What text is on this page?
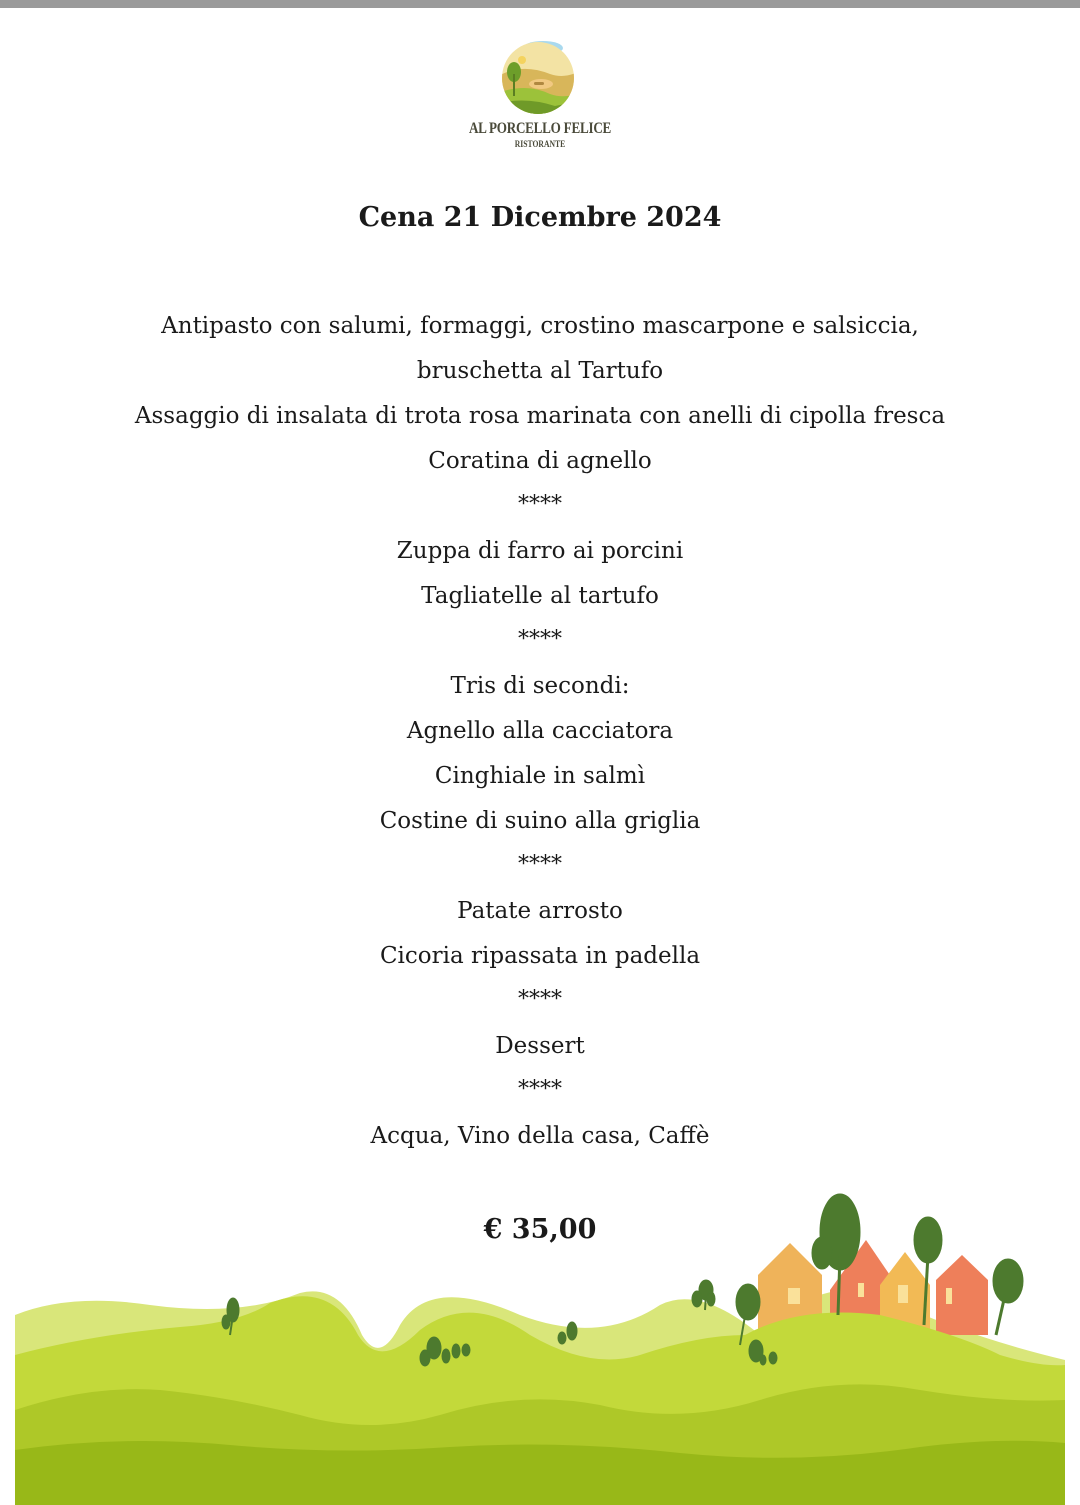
AL PORCELLO FELICE
RISTORANTE
Cena 21 Dicembre 2024
Antipasto con salumi, formaggi, crostino mascarpone e salsiccia,
bruschetta al Tartufo
Assaggio di insalata di trota rosa marinata con anelli di cipolla fresca
Coratina di agnello
****
Zuppa di farro ai porcini
Tagliatelle al tartufo
****
Tris di secondi:
Agnello alla cacciatora
Cinghiale in salmì
Costine di suino alla griglia
****
Patate arrosto
Cicoria ripassata in padella
****
Dessert
****
Acqua, Vino della casa, Caffè
€ 35,00
